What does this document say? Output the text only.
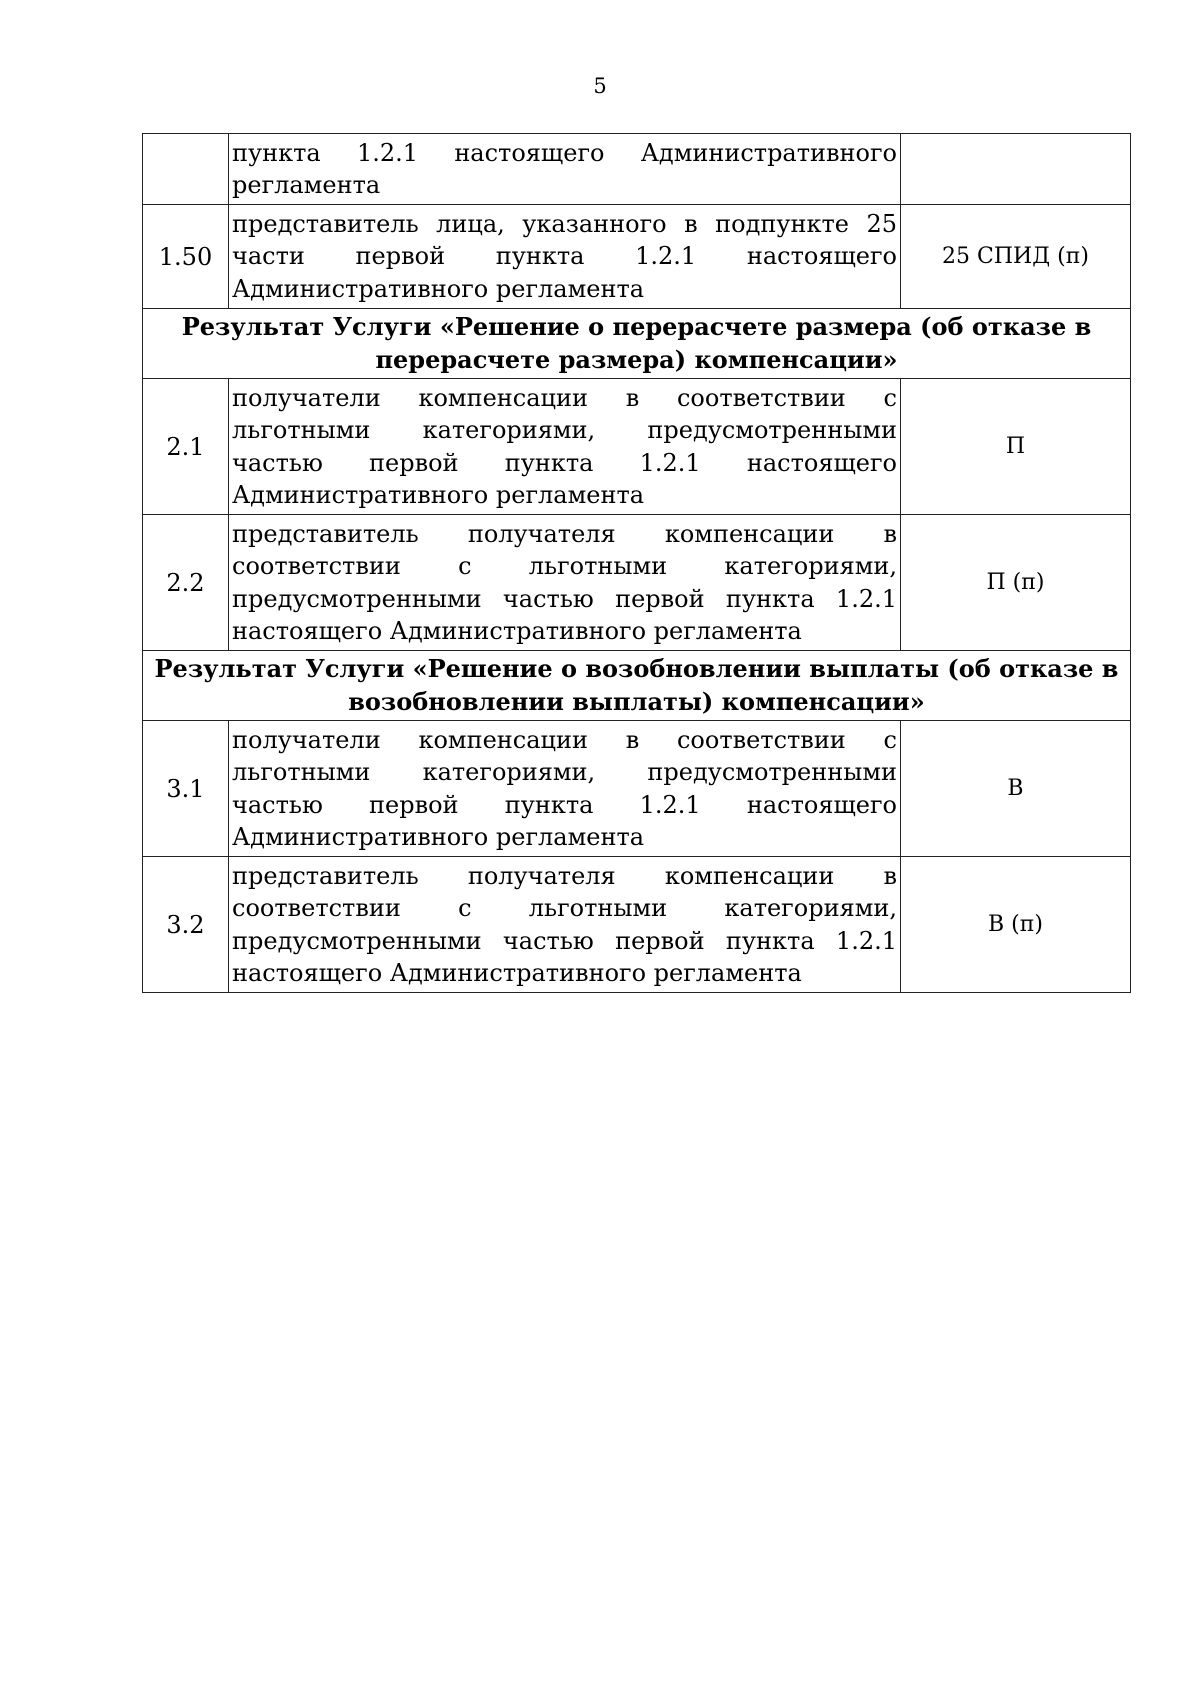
5
	пункта 1.2.1 настоящего Административного регламента	
1.50	представитель лица, указанного в подпункте 25 части первой пункта 1.2.1 настоящего Административного регламента	25 СПИД (п)
Результат Услуги «Решение о перерасчете размера (об отказе в перерасчете размера) компенсации»		
2.1	получатели компенсации в соответствии с льготными категориями, предусмотренными частью первой пункта 1.2.1 настоящего Административного регламента	П
2.2	представитель получателя компенсации в соответствии с льготными категориями, предусмотренными частью первой пункта 1.2.1 настоящего Административного регламента	П (п)
Результат Услуги «Решение о возобновлении выплаты (об отказе в возобновлении выплаты) компенсации»		
3.1	получатели компенсации в соответствии с льготными категориями, предусмотренными частью первой пункта 1.2.1 настоящего Административного регламента	В
3.2	представитель получателя компенсации в соответствии с льготными категориями, предусмотренными частью первой пункта 1.2.1 настоящего Административного регламента	В (п)
